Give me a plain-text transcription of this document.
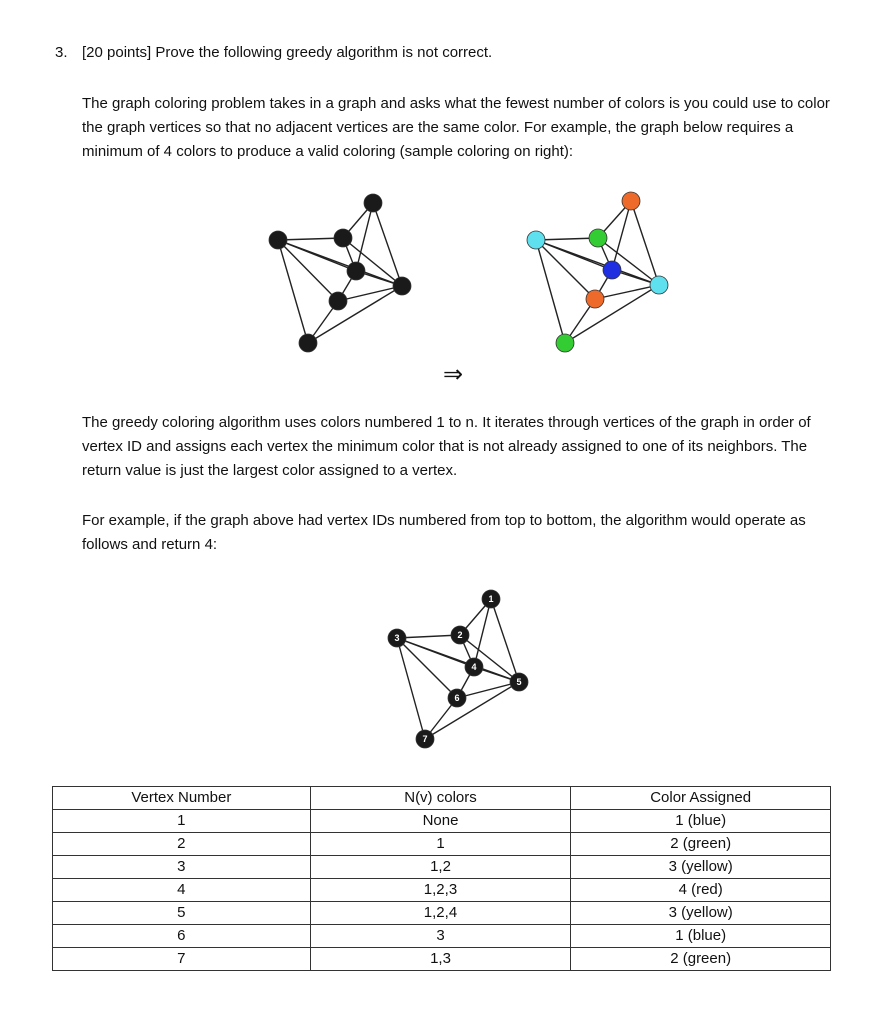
3. [20 points] Prove the following greedy algorithm is not correct.
The graph coloring problem takes in a graph and asks what the fewest number of colors is you could use to color the graph vertices so that no adjacent vertices are the same color. For example, the graph below requires a minimum of 4 colors to produce a valid coloring (sample coloring on right):
⇒
The greedy coloring algorithm uses colors numbered 1 to n. It iterates through vertices of the graph in order of vertex ID and assigns each vertex the minimum color that is not already assigned to one of its neighbors. The return value is just the largest color assigned to a vertex.
For example, if the graph above had vertex IDs numbered from top to bottom, the algorithm would operate as follows and return 4:
1
2
3
4
5
6
7
Vertex Number	N(v) colors	Color Assigned
1	None	1 (blue)
2	1	2 (green)
3	1,2	3 (yellow)
4	1,2,3	4 (red)
5	1,2,4	3 (yellow)
6	3	1 (blue)
7	1,3	2 (green)
